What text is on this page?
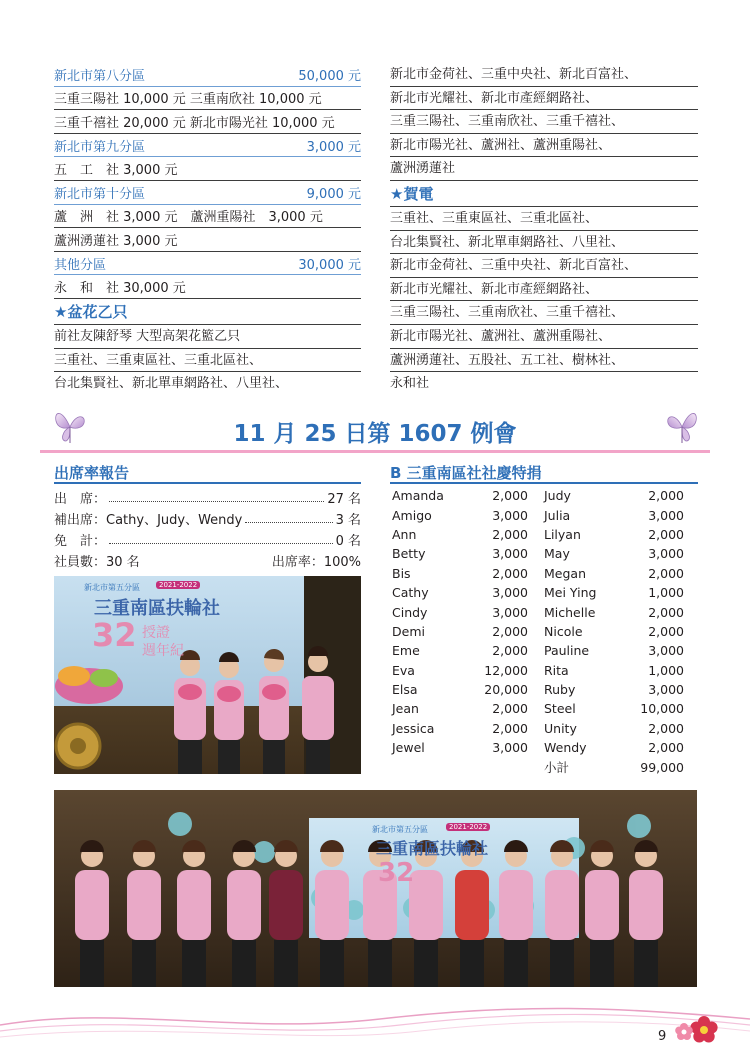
新北市第八分區	50,000 元
三重三陽社 10,000 元 三重南欣社 10,000 元
三重千禧社 20,000 元 新北市陽光社 10,000 元
新北市第九分區	3,000 元
五　工　社 3,000 元
新北市第十分區	9,000 元
蘆　洲　社 3,000 元　蘆洲重陽社　3,000 元
蘆洲湧蓮社 3,000 元
其他分區	30,000 元
永　和　社 30,000 元
★盆花乙只
前社友陳舒琴 大型高架花籃乙只
三重社、三重東區社、三重北區社、
台北集賢社、新北單車網路社、八里社、
新北市金荷社、三重中央社、新北百富社、
新北市光耀社、新北市產經網路社、
三重三陽社、三重南欣社、三重千禧社、
新北市陽光社、蘆洲社、蘆洲重陽社、
蘆洲湧蓮社
★賀電
三重社、三重東區社、三重北區社、
台北集賢社、新北單車網路社、八里社、
新北市金荷社、三重中央社、新北百富社、
新北市光耀社、新北市產經網路社、
三重三陽社、三重南欣社、三重千禧社、
新北市陽光社、蘆洲社、蘆洲重陽社、
蘆洲湧蓮社、五股社、五工社、樹林社、
永和社
11 月 25 日第 1607 例會
出席率報告
出　席：	27 名
補出席：Cathy、Judy、Wendy	3 名
免　計：	0 名
社員數：30 名	出席率：100%
B 三重南區社社慶特捐
Amanda	2,000	Judy	2,000
Amigo	3,000	Julia	3,000
Ann	2,000	Lilyan	2,000
Betty	3,000	May	3,000
Bis	2,000	Megan	2,000
Cathy	3,000	Mei Ying	1,000
Cindy	3,000	Michelle	2,000
Demi	2,000	Nicole	2,000
Eme	2,000	Pauline	3,000
Eva	12,000	Rita	1,000
Elsa	20,000	Ruby	3,000
Jean	2,000	Steel	10,000
Jessica	2,000	Unity	2,000
Jewel	3,000	Wendy	2,000
		小計	99,000
新北市第五分區	2021-2022
三重南區扶輪社
32 授證
週年紀
新北市第五分區	2021-2022
三重南區扶輪社
32
9
